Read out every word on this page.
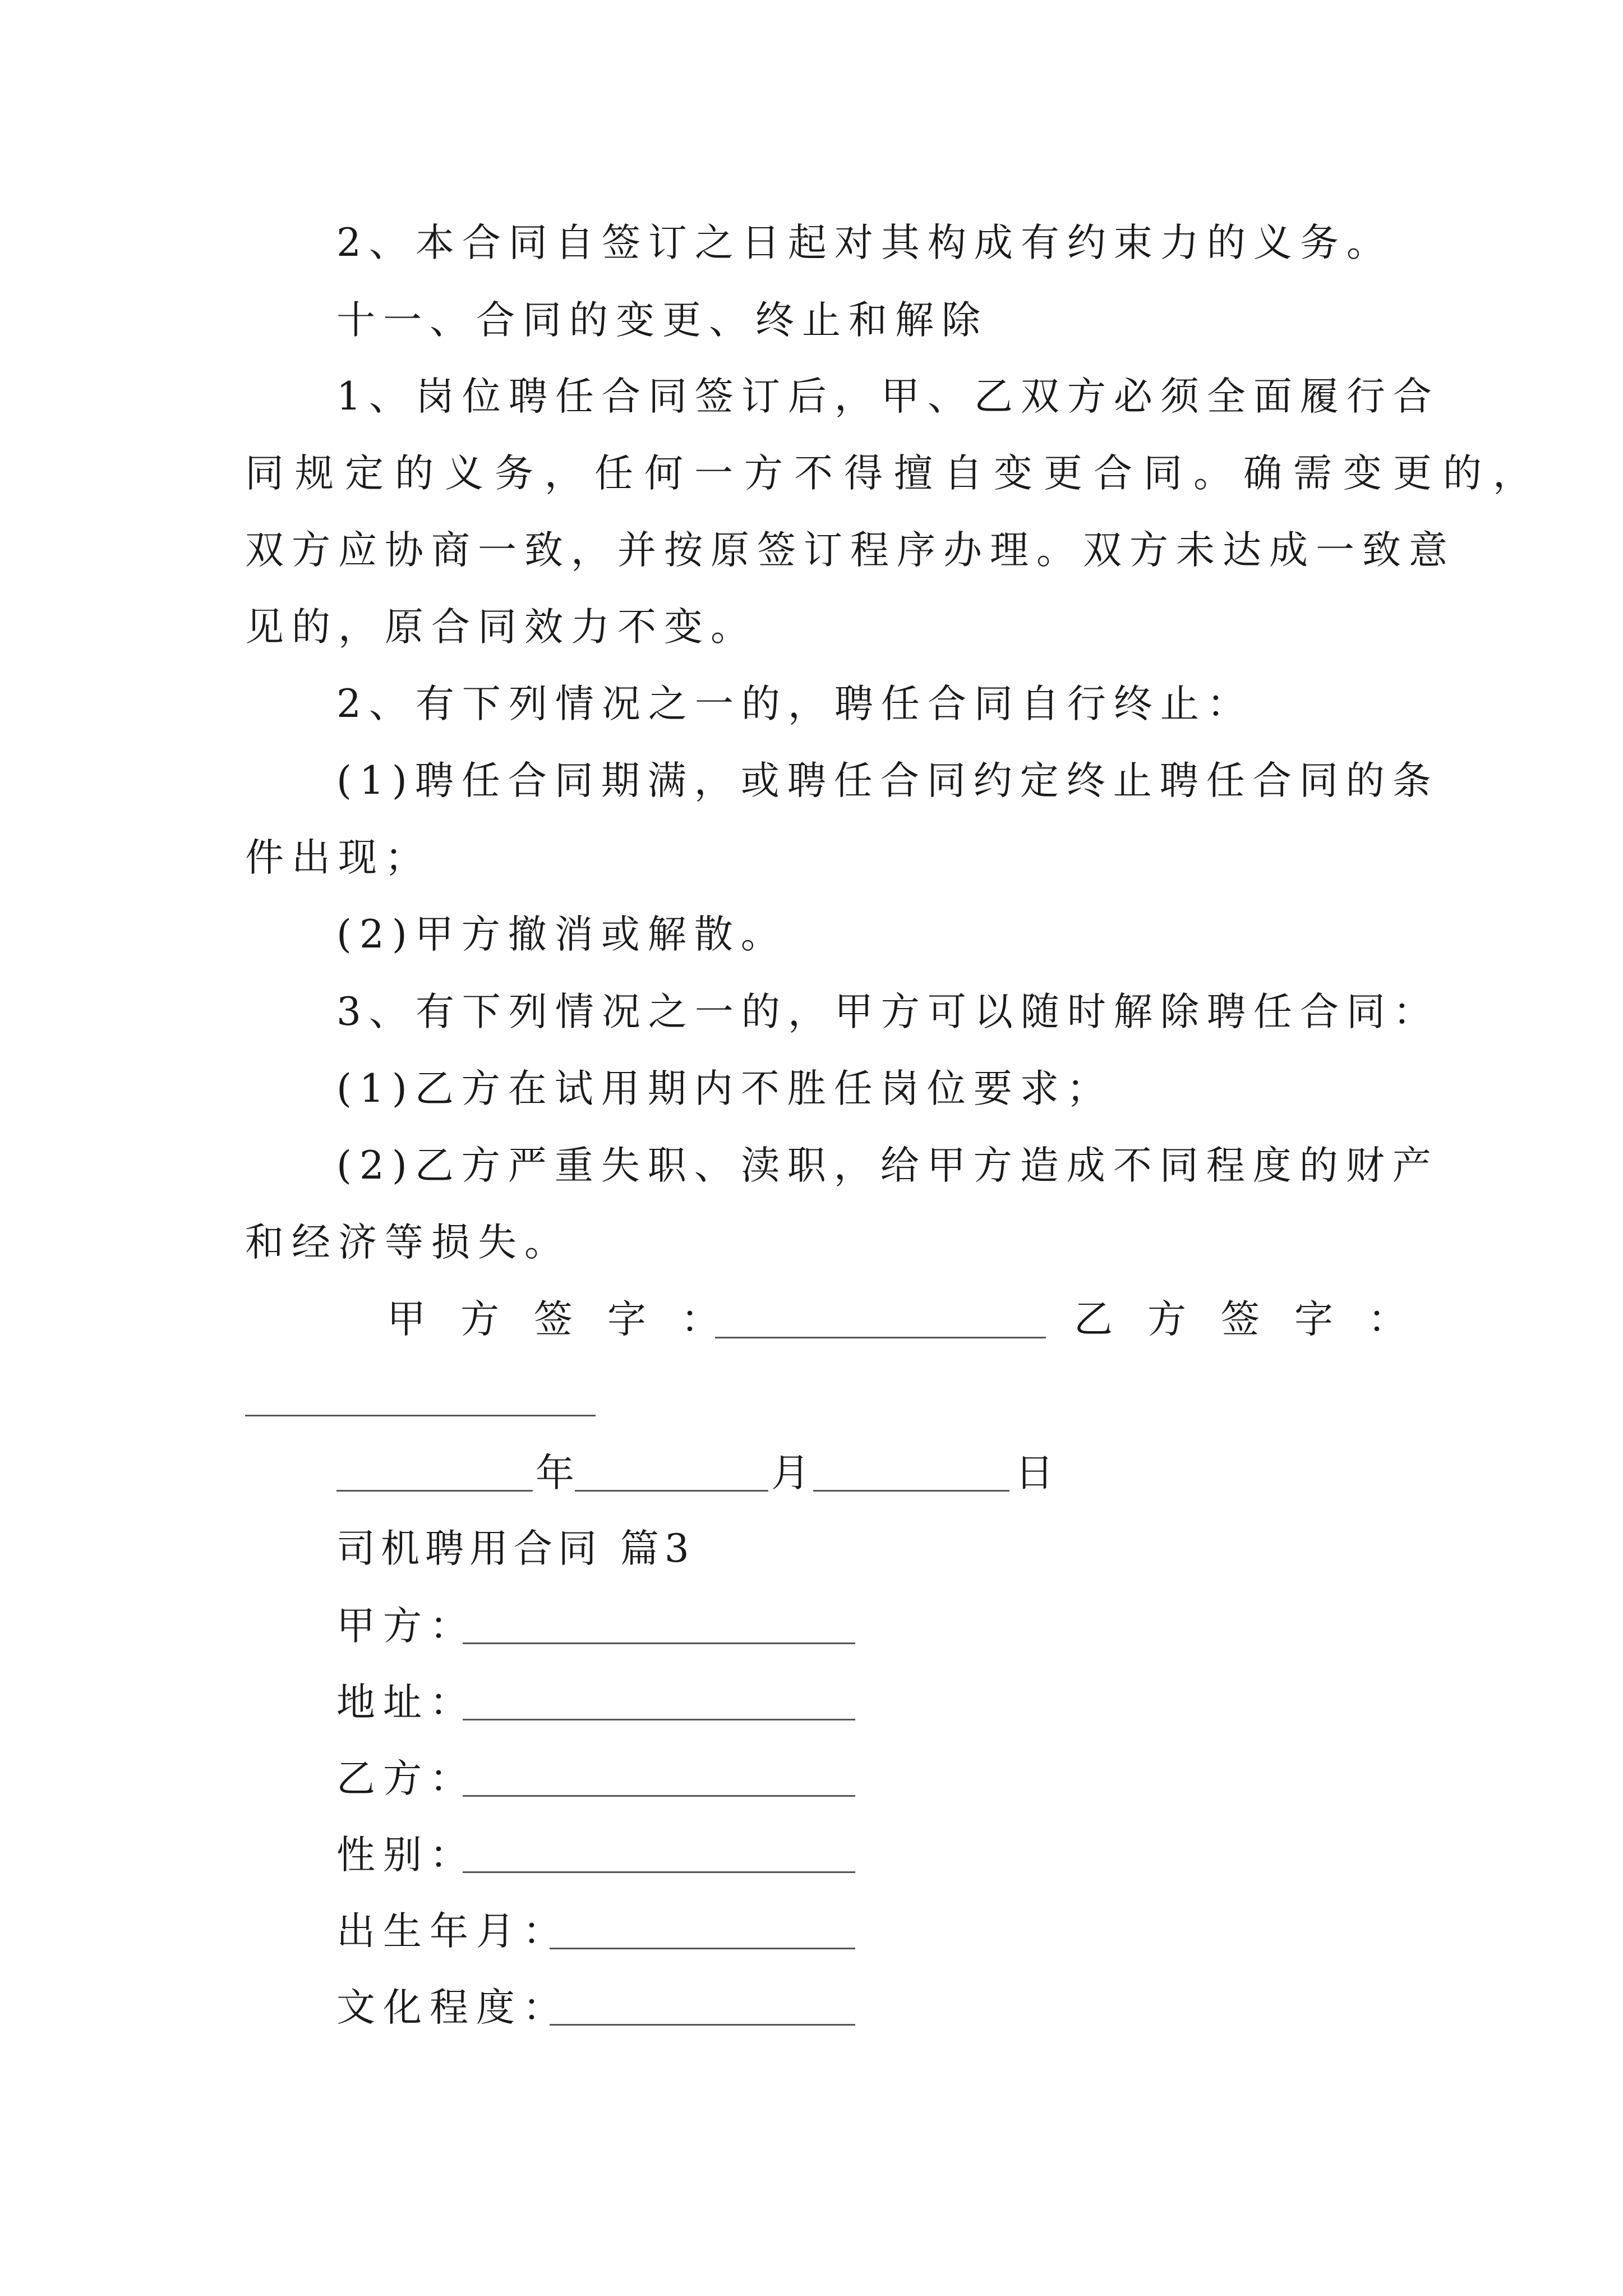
2、本合同自签订之日起对其构成有约束力的义务。

十一、合同的变更、终止和解除

1、岗位聘任合同签订后，甲、乙双方必须全面履行合

同规定的义务，任何一方不得擅自变更合同。确需变更的，

双方应协商一致，并按原签订程序办理。双方未达成一致意

见的，原合同效力不变。

2、有下列情况之一的，聘任合同自行终止：

(1)聘任合同期满，或聘任合同约定终止聘任合同的条

件出现；

(2)甲方撤消或解散。

3、有下列情况之一的，甲方可以随时解除聘任合同：

(1)乙方在试用期内不胜任岗位要求；

(2)乙方严重失职、渎职，给甲方造成不同程度的财产

和经济等损失。

甲方签字：	乙方签字：
年	月	日

司机聘用合同 篇3

甲方：
地址：
乙方：
性别：
出生年月：
文化程度：
